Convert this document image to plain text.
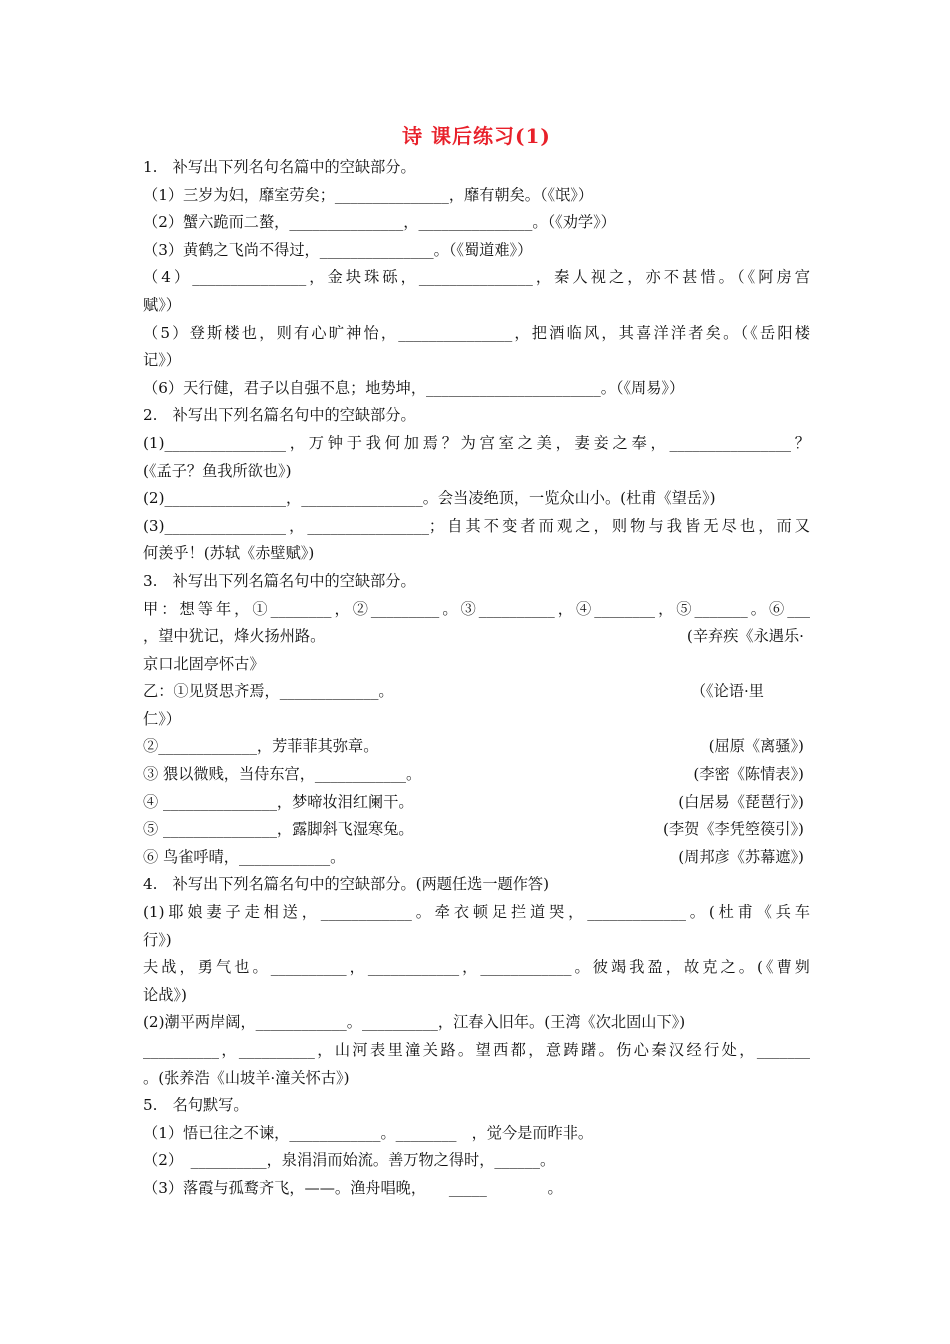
诗 课后练习(1)
1.　补写出下列名句名篇中的空缺部分。
（1）三岁为妇，靡室劳矣；_______________，靡有朝矣。（《氓》）
（2）蟹六跪而二螯，_______________，_______________。（《劝学》）
（3）黄鹤之飞尚不得过，_______________。（《蜀道难》）
（4）_______________，金块珠砾，_______________，秦人视之，亦不甚惜。（《阿房宫
赋》）
（5）登斯楼也，则有心旷神怡，_______________，把酒临风，其喜洋洋者矣。（《岳阳楼
记》）
（6）天行健，君子以自强不息；地势坤，_______________________。（《周易》）
2.　补写出下列名篇名句中的空缺部分。
(1)________________，万钟于我何加焉？为宫室之美，妻妾之奉，________________？
(《孟子？鱼我所欲也》)
(2)________________，________________。会当凌绝顶，一览众山小。(杜甫《望岳》)
(3)________________，________________；自其不变者而观之，则物与我皆无尽也，而又
何羡乎！(苏轼《赤壁赋》)
3.　补写出下列名篇名句中的空缺部分。
甲：想等年，①________，②_________。③__________，④________，⑤_______。⑥___
，望中犹记，烽火扬州路。	(辛弃疾《永遇乐·
京口北固亭怀古》
乙：①见贤思齐焉，_____________。	（《论语·里
仁》）
②_____________，芳菲菲其弥章。	(屈原《离骚》)
③ 猥以微贱，当侍东宫，____________。	(李密《陈情表》)
④ _______________，梦啼妆泪红阑干。	(白居易《琵琶行》)
⑤ _______________，露脚斜飞湿寒兔。	(李贺《李凭箜篌引》)
⑥ 鸟雀呼晴，____________。	(周邦彦《苏幕遮》)
4.　补写出下列名篇名句中的空缺部分。(两题任选一题作答)
(1)耶娘妻子走相送，____________。牵衣顿足拦道哭，_____________。(杜甫《兵车
行》)
夫战，勇气也。__________，____________，____________。彼竭我盈，故克之。(《曹刿
论战》)
(2)潮平两岸阔，____________。__________，江春入旧年。(王湾《次北固山下》)
__________，__________，山河表里潼关路。望西都，意踌躇。伤心秦汉经行处，_______
。(张养浩《山坡羊·潼关怀古》)
5.　名句默写。
（1）悟已往之不谏，____________。________　，觉今是而昨非。
（2）　__________，泉涓涓而始流。善万物之得时，______。
（3）落霞与孤鹜齐飞，——。渔舟唱晚，　　_____　　　　。
